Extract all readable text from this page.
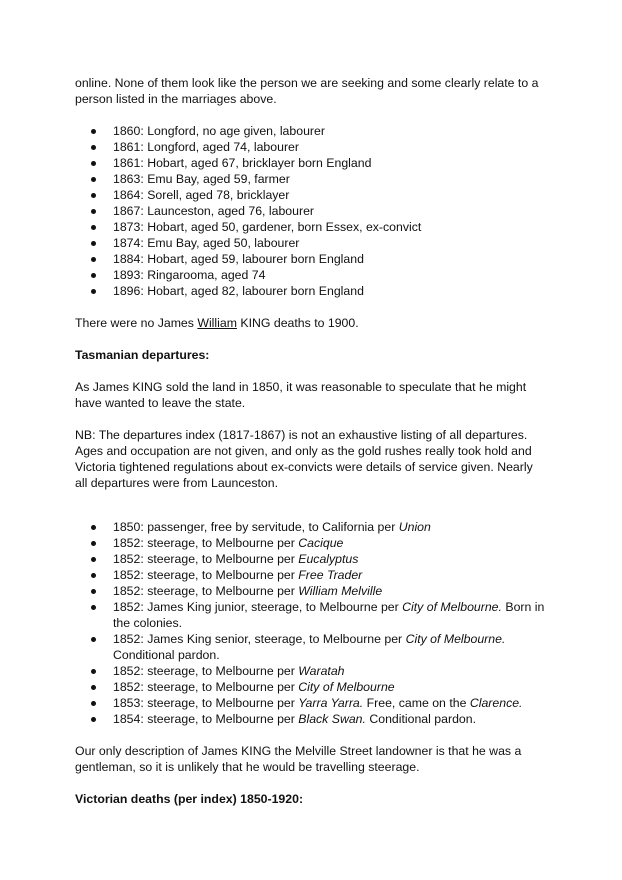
online. None of them look like the person we are seeking and some clearly relate to a person listed in the marriages above.

1860: Longford, no age given, labourer
1861: Longford, aged 74, labourer
1861: Hobart, aged 67, bricklayer born England
1863: Emu Bay, aged 59, farmer
1864: Sorell, aged 78, bricklayer
1867: Launceston, aged 76, labourer
1873: Hobart, aged 50, gardener, born Essex, ex-convict
1874: Emu Bay, aged 50, labourer
1884: Hobart, aged 59, labourer born England
1893: Ringarooma, aged 74
1896: Hobart, aged 82, labourer born England

There were no James William KING deaths to 1900.

Tasmanian departures:

As James KING sold the land in 1850, it was reasonable to speculate that he might have wanted to leave the state.

NB: The departures index (1817-1867) is not an exhaustive listing of all departures. Ages and occupation are not given, and only as the gold rushes really took hold and Victoria tightened regulations about ex-convicts were details of service given. Nearly all departures were from Launceston.

1850: passenger, free by servitude, to California per Union
1852: steerage, to Melbourne per Cacique
1852: steerage, to Melbourne per Eucalyptus
1852: steerage, to Melbourne per Free Trader
1852: steerage, to Melbourne per William Melville
1852: James King junior, steerage, to Melbourne per City of Melbourne. Born in the colonies.
1852: James King senior, steerage, to Melbourne per City of Melbourne. Conditional pardon.
1852: steerage, to Melbourne per Waratah
1852: steerage, to Melbourne per City of Melbourne
1853: steerage, to Melbourne per Yarra Yarra. Free, came on the Clarence.
1854: steerage, to Melbourne per Black Swan. Conditional pardon.

Our only description of James KING the Melville Street landowner is that he was a gentleman, so it is unlikely that he would be travelling steerage.

Victorian deaths (per index) 1850-1920:
